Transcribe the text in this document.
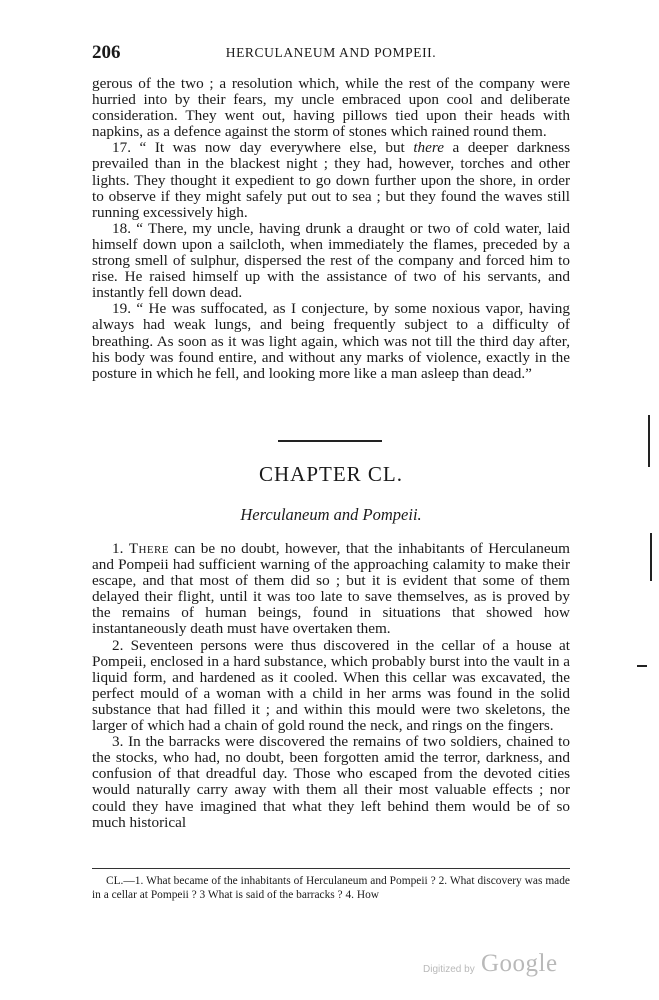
206	HERCULANEUM AND POMPEII.

gerous of the two ; a resolution which, while the rest of the company were hurried into by their fears, my uncle embraced upon cool and deliberate consideration. They went out, having pillows tied upon their heads with napkins, as a defence against the storm of stones which rained round them.

17. “ It was now day everywhere else, but there a deeper darkness prevailed than in the blackest night ; they had, however, torches and other lights. They thought it expedient to go down further upon the shore, in order to observe if they might safely put out to sea ; but they found the waves still running excessively high.

18. “ There, my uncle, having drunk a draught or two of cold water, laid himself down upon a sailcloth, when immediately the flames, preceded by a strong smell of sulphur, dispersed the rest of the company and forced him to rise. He raised himself up with the assistance of two of his servants, and instantly fell down dead.

19. “ He was suffocated, as I conjecture, by some noxious vapor, having always had weak lungs, and being frequently subject to a difficulty of breathing. As soon as it was light again, which was not till the third day after, his body was found entire, and without any marks of violence, exactly in the posture in which he fell, and looking more like a man asleep than dead.”

CHAPTER CL.
Herculaneum and Pompeii.

1. There can be no doubt, however, that the inhabitants of Herculaneum and Pompeii had sufficient warning of the approaching calamity to make their escape, and that most of them did so ; but it is evident that some of them delayed their flight, until it was too late to save themselves, as is proved by the remains of human beings, found in situations that showed how instantaneously death must have overtaken them.

2. Seventeen persons were thus discovered in the cellar of a house at Pompeii, enclosed in a hard substance, which probably burst into the vault in a liquid form, and hardened as it cooled. When this cellar was excavated, the perfect mould of a woman with a child in her arms was found in the solid substance that had filled it ; and within this mould were two skeletons, the larger of which had a chain of gold round the neck, and rings on the fingers.

3. In the barracks were discovered the remains of two soldiers, chained to the stocks, who had, no doubt, been forgotten amid the terror, darkness, and confusion of that dreadful day. Those who escaped from the devoted cities would naturally carry away with them all their most valuable effects ; nor could they have imagined that what they left behind them would be of so much historical

CL.—1. What became of the inhabitants of Herculaneum and Pompeii ? 2. What discovery was made in a cellar at Pompeii ? 3 What is said of the barracks ? 4. How
Digitized by Google
